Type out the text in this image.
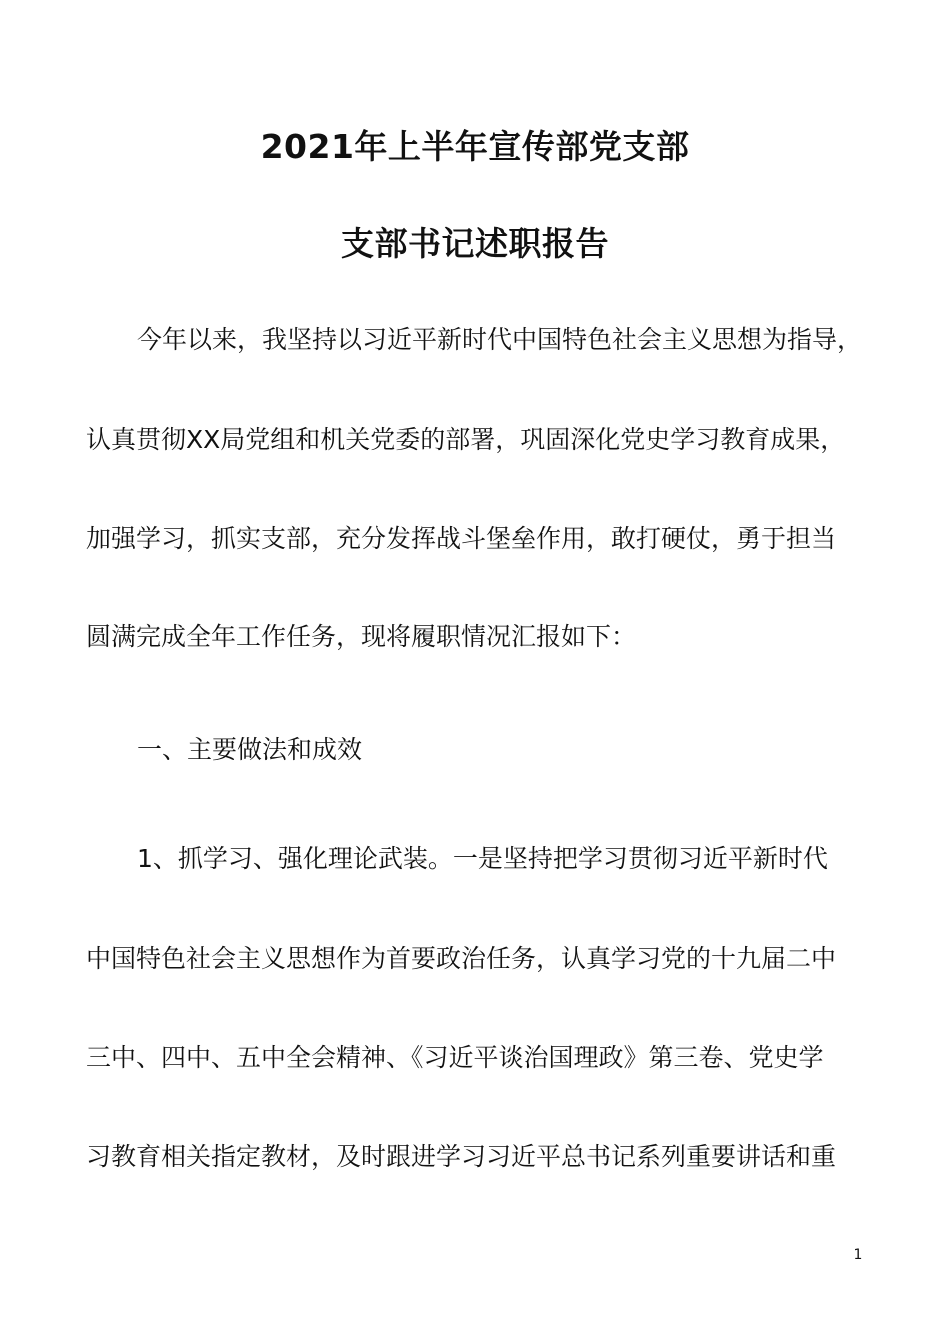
2021年上半年宣传部党支部
支部书记述职报告

今年以来，我坚持以习近平新时代中国特色社会主义思想为指导，

认真贯彻XX局党组和机关党委的部署，巩固深化党史学习教育成果，

加强学习，抓实支部，充分发挥战斗堡垒作用，敢打硬仗，勇于担当

圆满完成全年工作任务，现将履职情况汇报如下：

一、主要做法和成效

1、抓学习、强化理论武装。一是坚持把学习贯彻习近平新时代

中国特色社会主义思想作为首要政治任务，认真学习党的十九届二中

三中、四中、五中全会精神、《习近平谈治国理政》第三卷、党史学

习教育相关指定教材，及时跟进学习习近平总书记系列重要讲话和重

1
